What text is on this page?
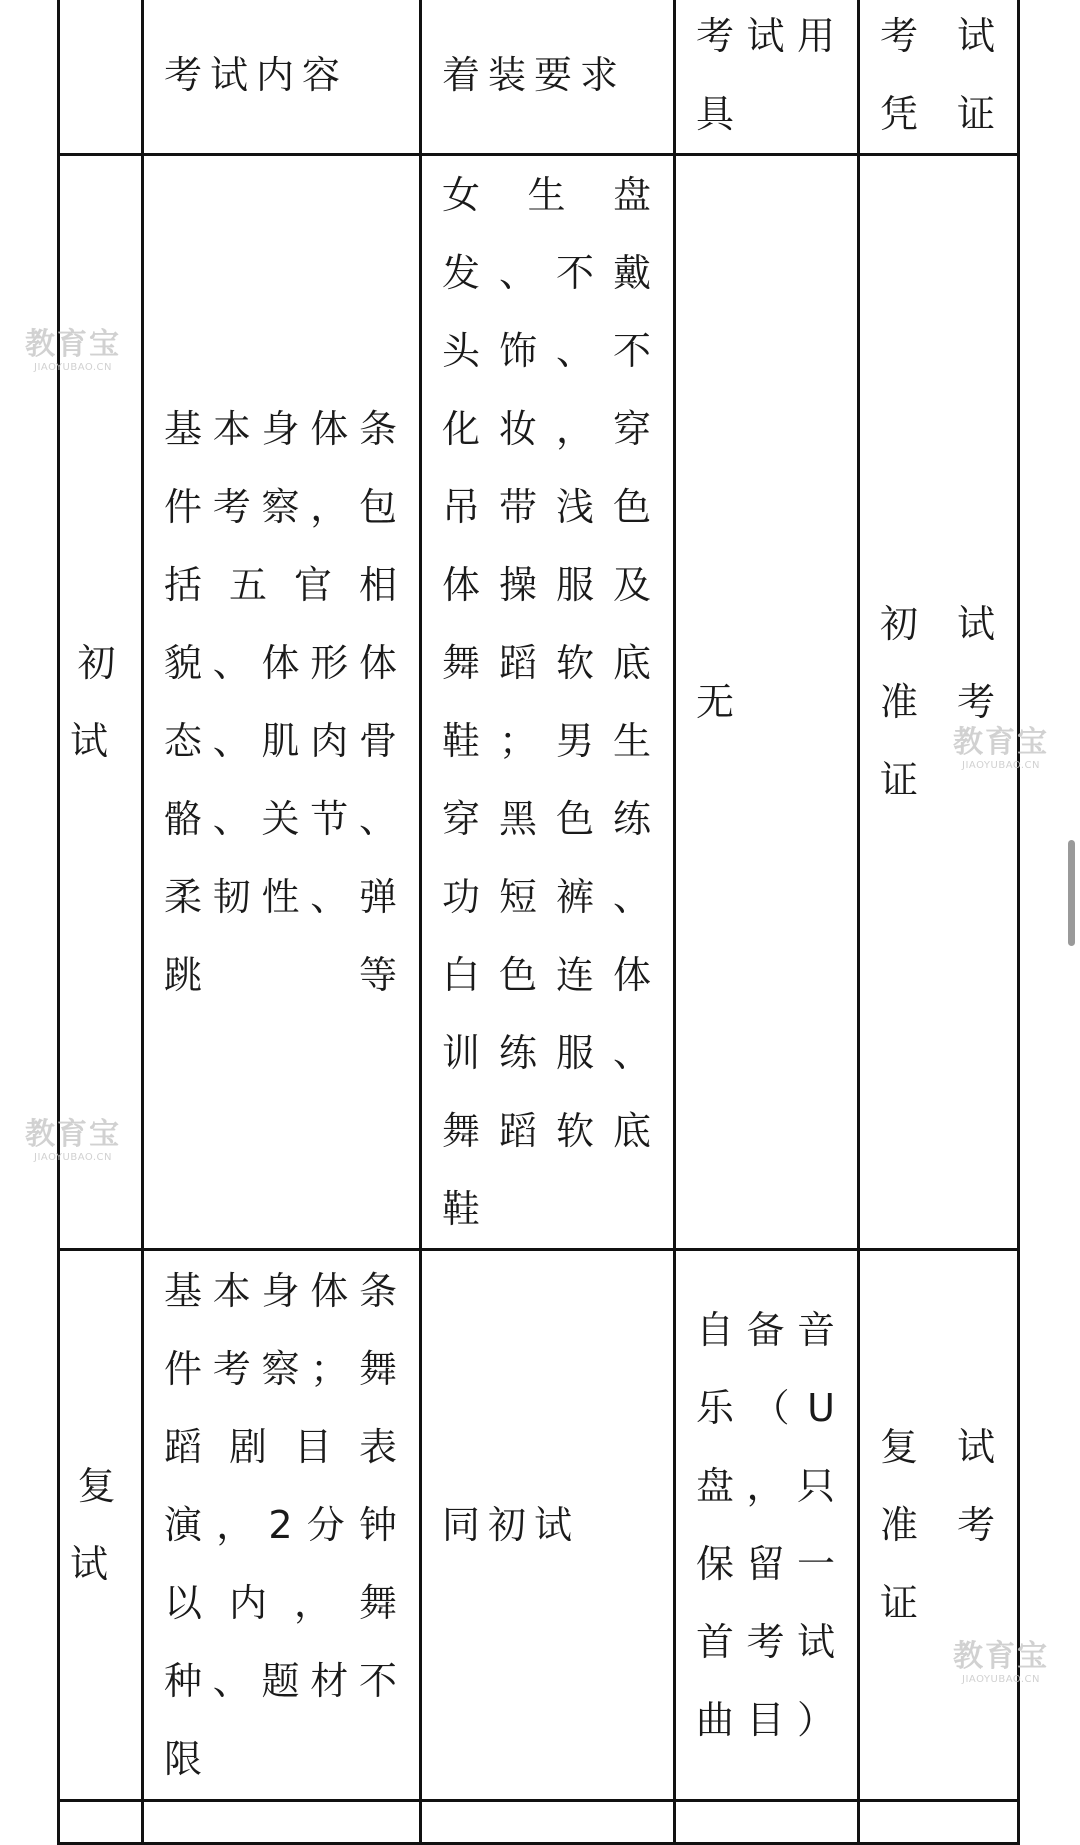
	考试内容	着装要求	考试用具	考 试凭证

初试	基本身体条件考察，包括五官相貌、体形体态、肌肉骨骼、关节、柔韧性、弹跳等	女生盘发、不戴头饰、不化妆，穿吊带浅色体操服及舞蹈软底鞋；男生穿黑色练功短裤、白色连体训练服、舞蹈软底鞋	无	初试准 考证

复试	基本身体条件考察；舞蹈剧目表演，2分钟以内，舞种、题材不限	同初试	自备音乐（U盘，只保留一首考试曲目）	复试准 考证

教育宝
JIAOYUBAO.CN
教育宝
JIAOYUBAO.CN
教育宝
JIAOYUBAO.CN
教育宝
JIAOYUBAO.CN
